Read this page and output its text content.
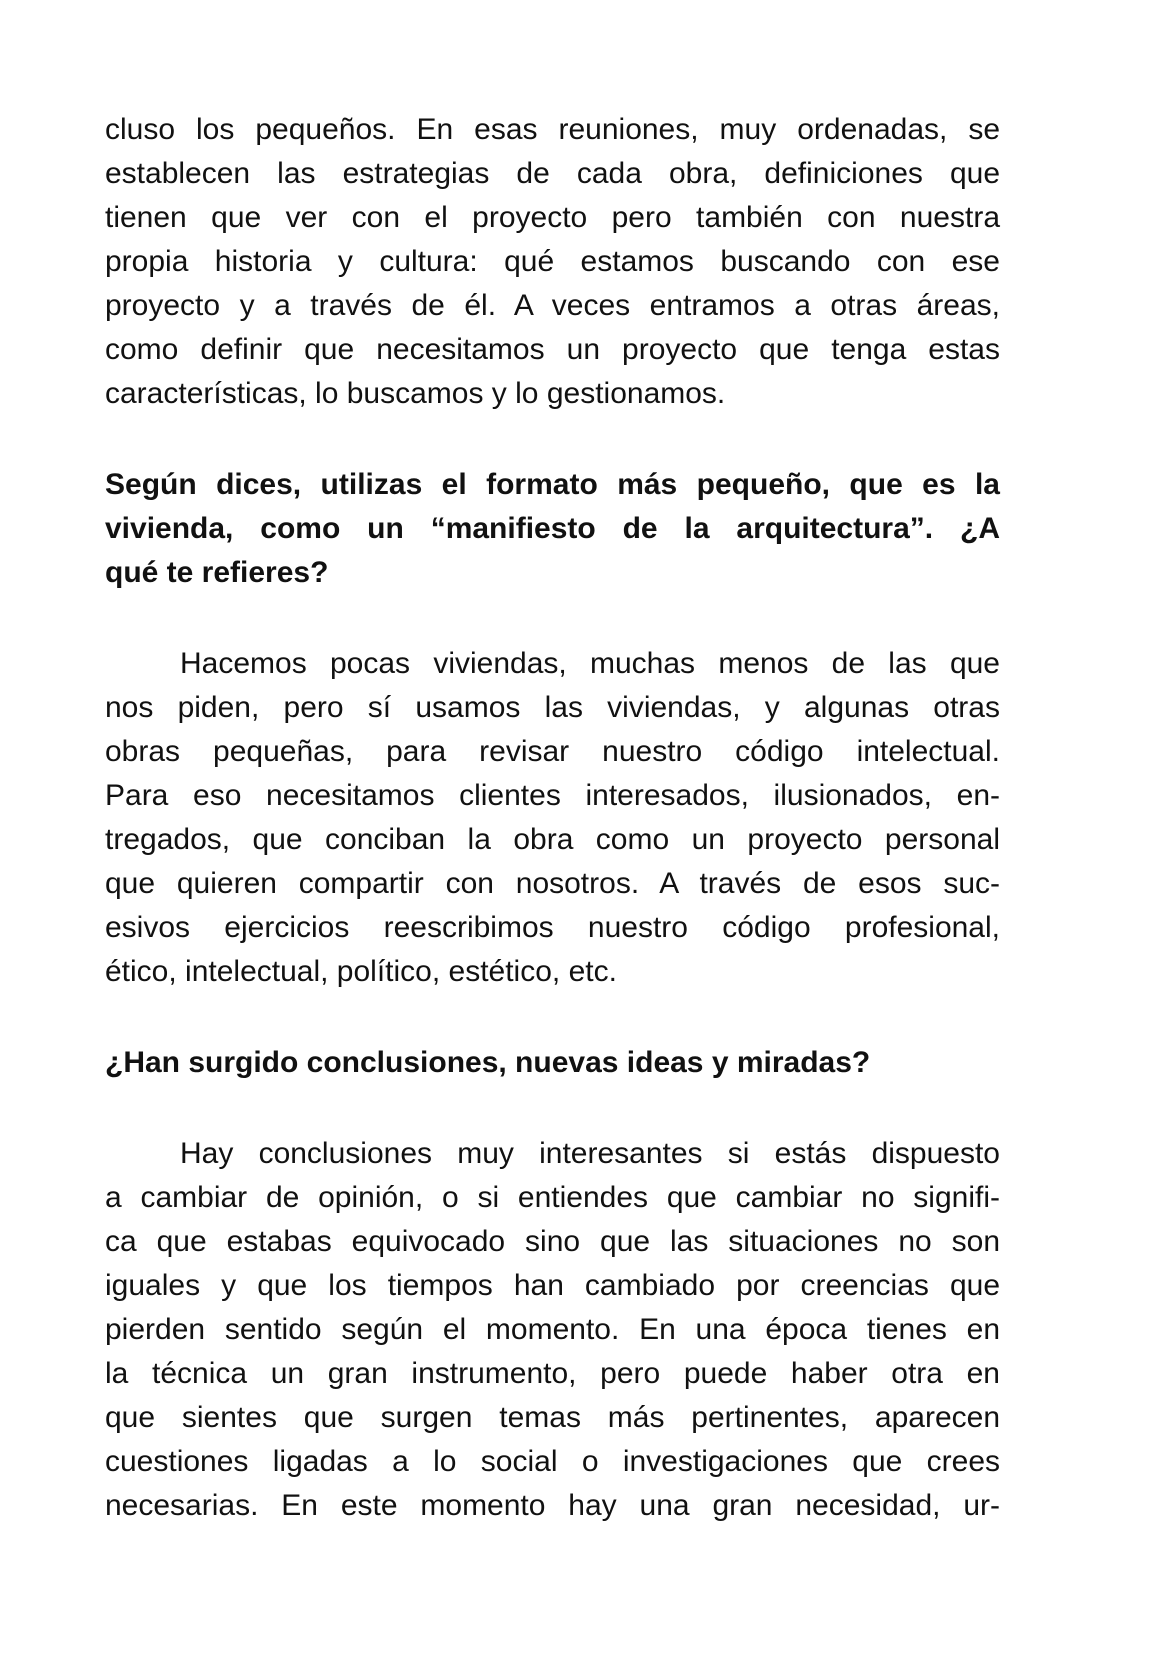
cluso los pequeños. En esas reuniones, muy ordenadas, se
establecen las estrategias de cada obra, definiciones que
tienen que ver con el proyecto pero también con nuestra
propia historia y cultura: qué estamos buscando con ese
proyecto y a través de él. A veces entramos a otras áreas,
como definir que necesitamos un proyecto que tenga estas
características, lo buscamos y lo gestionamos.
Según dices, utilizas el formato más pequeño, que es la
vivienda, como un “manifiesto de la arquitectura”. ¿A
qué te refieres?
Hacemos pocas viviendas, muchas menos de las que
nos piden, pero sí usamos las viviendas, y algunas otras
obras pequeñas, para revisar nuestro código intelectual.
Para eso necesitamos clientes interesados, ilusionados, en-
tregados, que conciban la obra como un proyecto personal
que quieren compartir con nosotros. A través de esos suc-
esivos ejercicios reescribimos nuestro código profesional,
ético, intelectual, político, estético, etc.
¿Han surgido conclusiones, nuevas ideas y miradas?
Hay conclusiones muy interesantes si estás dispuesto
a cambiar de opinión, o si entiendes que cambiar no signifi-
ca que estabas equivocado sino que las situaciones no son
iguales y que los tiempos han cambiado por creencias que
pierden sentido según el momento. En una época tienes en
la técnica un gran instrumento, pero puede haber otra en
que sientes que surgen temas más pertinentes, aparecen
cuestiones ligadas a lo social o investigaciones que crees
necesarias. En este momento hay una gran necesidad, ur-
